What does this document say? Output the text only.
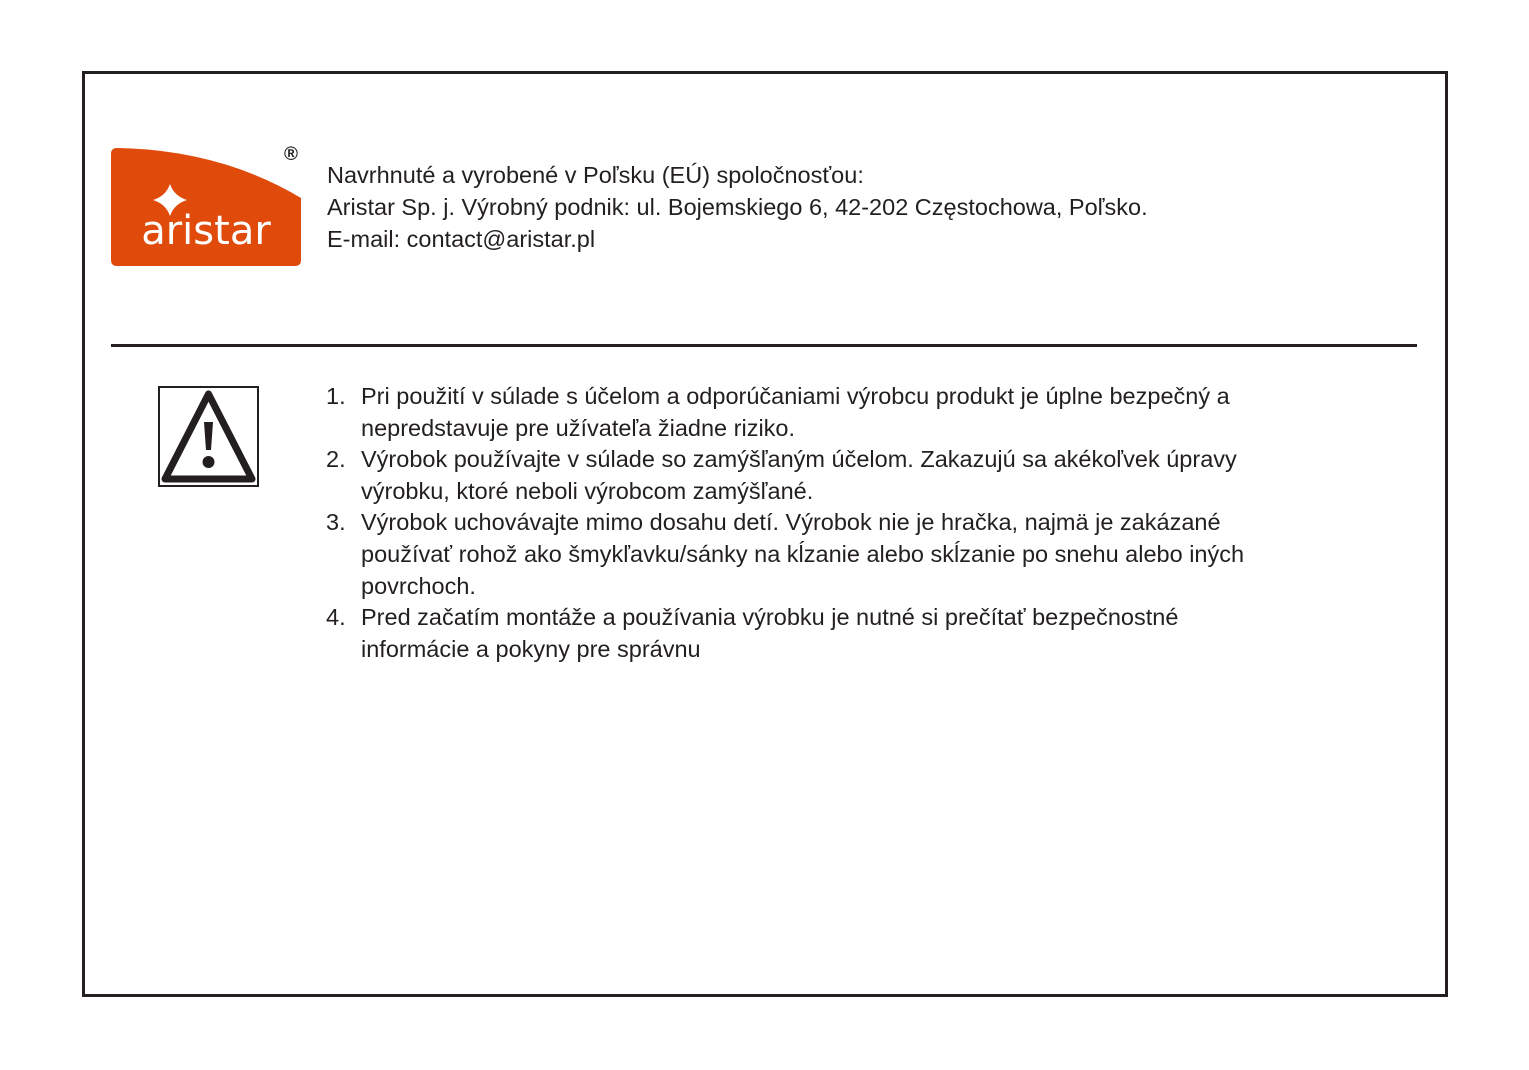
aristar
®
Navrhnuté a vyrobené v Poľsku (EÚ) spoločnosťou:
Aristar Sp. j. Výrobný podnik: ul. Bojemskiego 6, 42-202 Częstochowa, Poľsko.
E-mail: contact@aristar.pl
1. Pri použití v súlade s účelom a odporúčaniami výrobcu produkt je úplne bezpečný a
nepredstavuje pre užívateľa žiadne riziko.
2. Výrobok používajte v súlade so zamýšľaným účelom. Zakazujú sa akékoľvek úpravy
výrobku, ktoré neboli výrobcom zamýšľané.
3. Výrobok uchovávajte mimo dosahu detí. Výrobok nie je hračka, najmä je zakázané
používať rohož ako šmykľavku/sánky na kĺzanie alebo skĺzanie po snehu alebo iných
povrchoch.
4. Pred začatím montáže a používania výrobku je nutné si prečítať bezpečnostné
informácie a pokyny pre správnu
